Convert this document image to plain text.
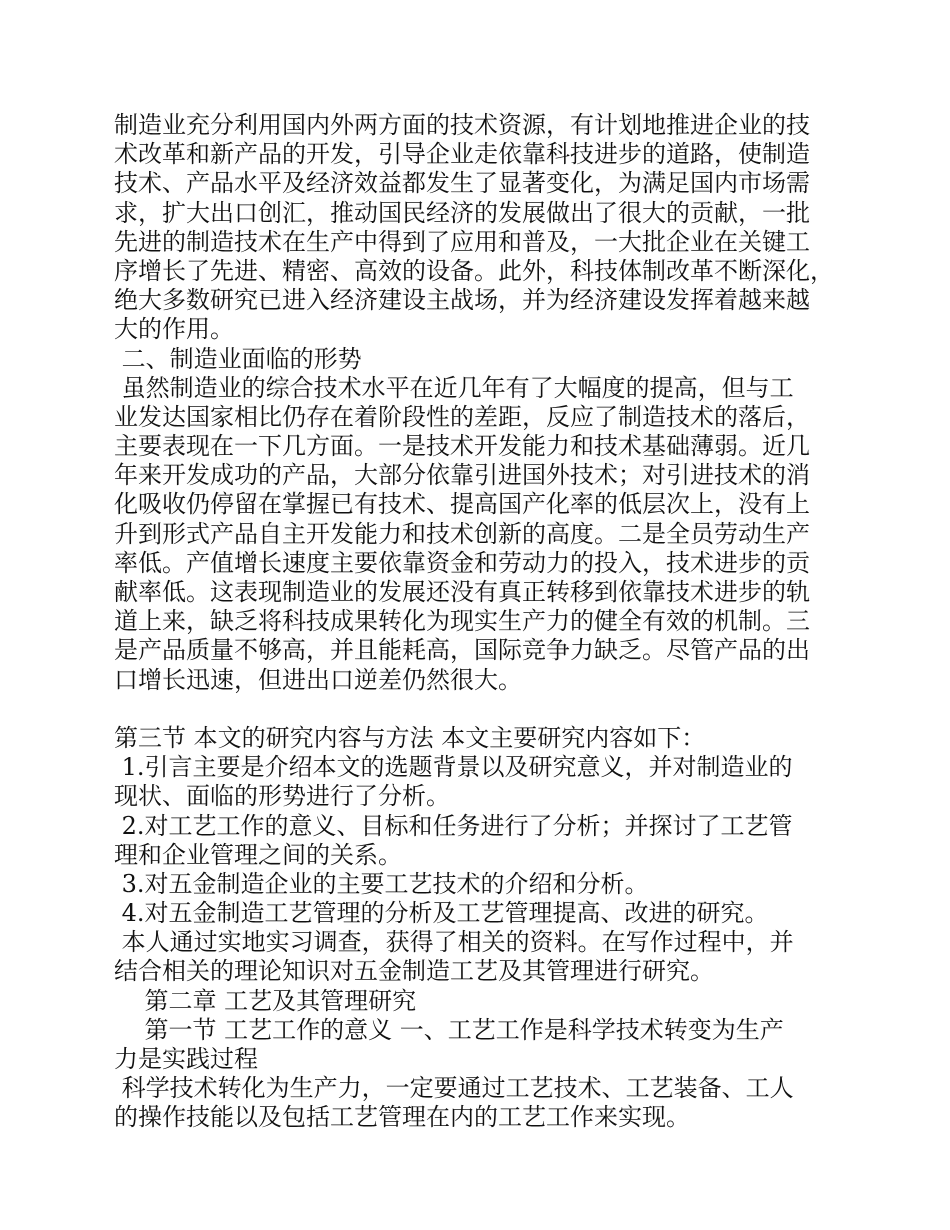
制造业充分利用国内外两方面的技术资源，有计划地推进企业的技
术改革和新产品的开发，引导企业走依靠科技进步的道路，使制造
技术、产品水平及经济效益都发生了显著变化，为满足国内市场需
求，扩大出口创汇，推动国民经济的发展做出了很大的贡献，一批
先进的制造技术在生产中得到了应用和普及，一大批企业在关键工
序增长了先进、精密、高效的设备。此外，科技体制改革不断深化，
绝大多数研究已进入经济建设主战场，并为经济建设发挥着越来越
大的作用。
二、制造业面临的形势
虽然制造业的综合技术水平在近几年有了大幅度的提高，但与工
业发达国家相比仍存在着阶段性的差距，反应了制造技术的落后，
主要表现在一下几方面。一是技术开发能力和技术基础薄弱。近几
年来开发成功的产品，大部分依靠引进国外技术；对引进技术的消
化吸收仍停留在掌握已有技术、提高国产化率的低层次上，没有上
升到形式产品自主开发能力和技术创新的高度。二是全员劳动生产
率低。产值增长速度主要依靠资金和劳动力的投入，技术进步的贡
献率低。这表现制造业的发展还没有真正转移到依靠技术进步的轨
道上来，缺乏将科技成果转化为现实生产力的健全有效的机制。三
是产品质量不够高，并且能耗高，国际竞争力缺乏。尽管产品的出
口增长迅速，但进出口逆差仍然很大。
第三节 本文的研究内容与方法 本文主要研究内容如下：
1.引言主要是介绍本文的选题背景以及研究意义，并对制造业的
现状、面临的形势进行了分析。
2.对工艺工作的意义、目标和任务进行了分析；并探讨了工艺管
理和企业管理之间的关系。
3.对五金制造企业的主要工艺技术的介绍和分析。
4.对五金制造工艺管理的分析及工艺管理提高、改进的研究。
本人通过实地实习调查，获得了相关的资料。在写作过程中，并
结合相关的理论知识对五金制造工艺及其管理进行研究。
第二章 工艺及其管理研究
第一节 工艺工作的意义 一、工艺工作是科学技术转变为生产
力是实践过程
科学技术转化为生产力，一定要通过工艺技术、工艺装备、工人
的操作技能以及包括工艺管理在内的工艺工作来实现。
